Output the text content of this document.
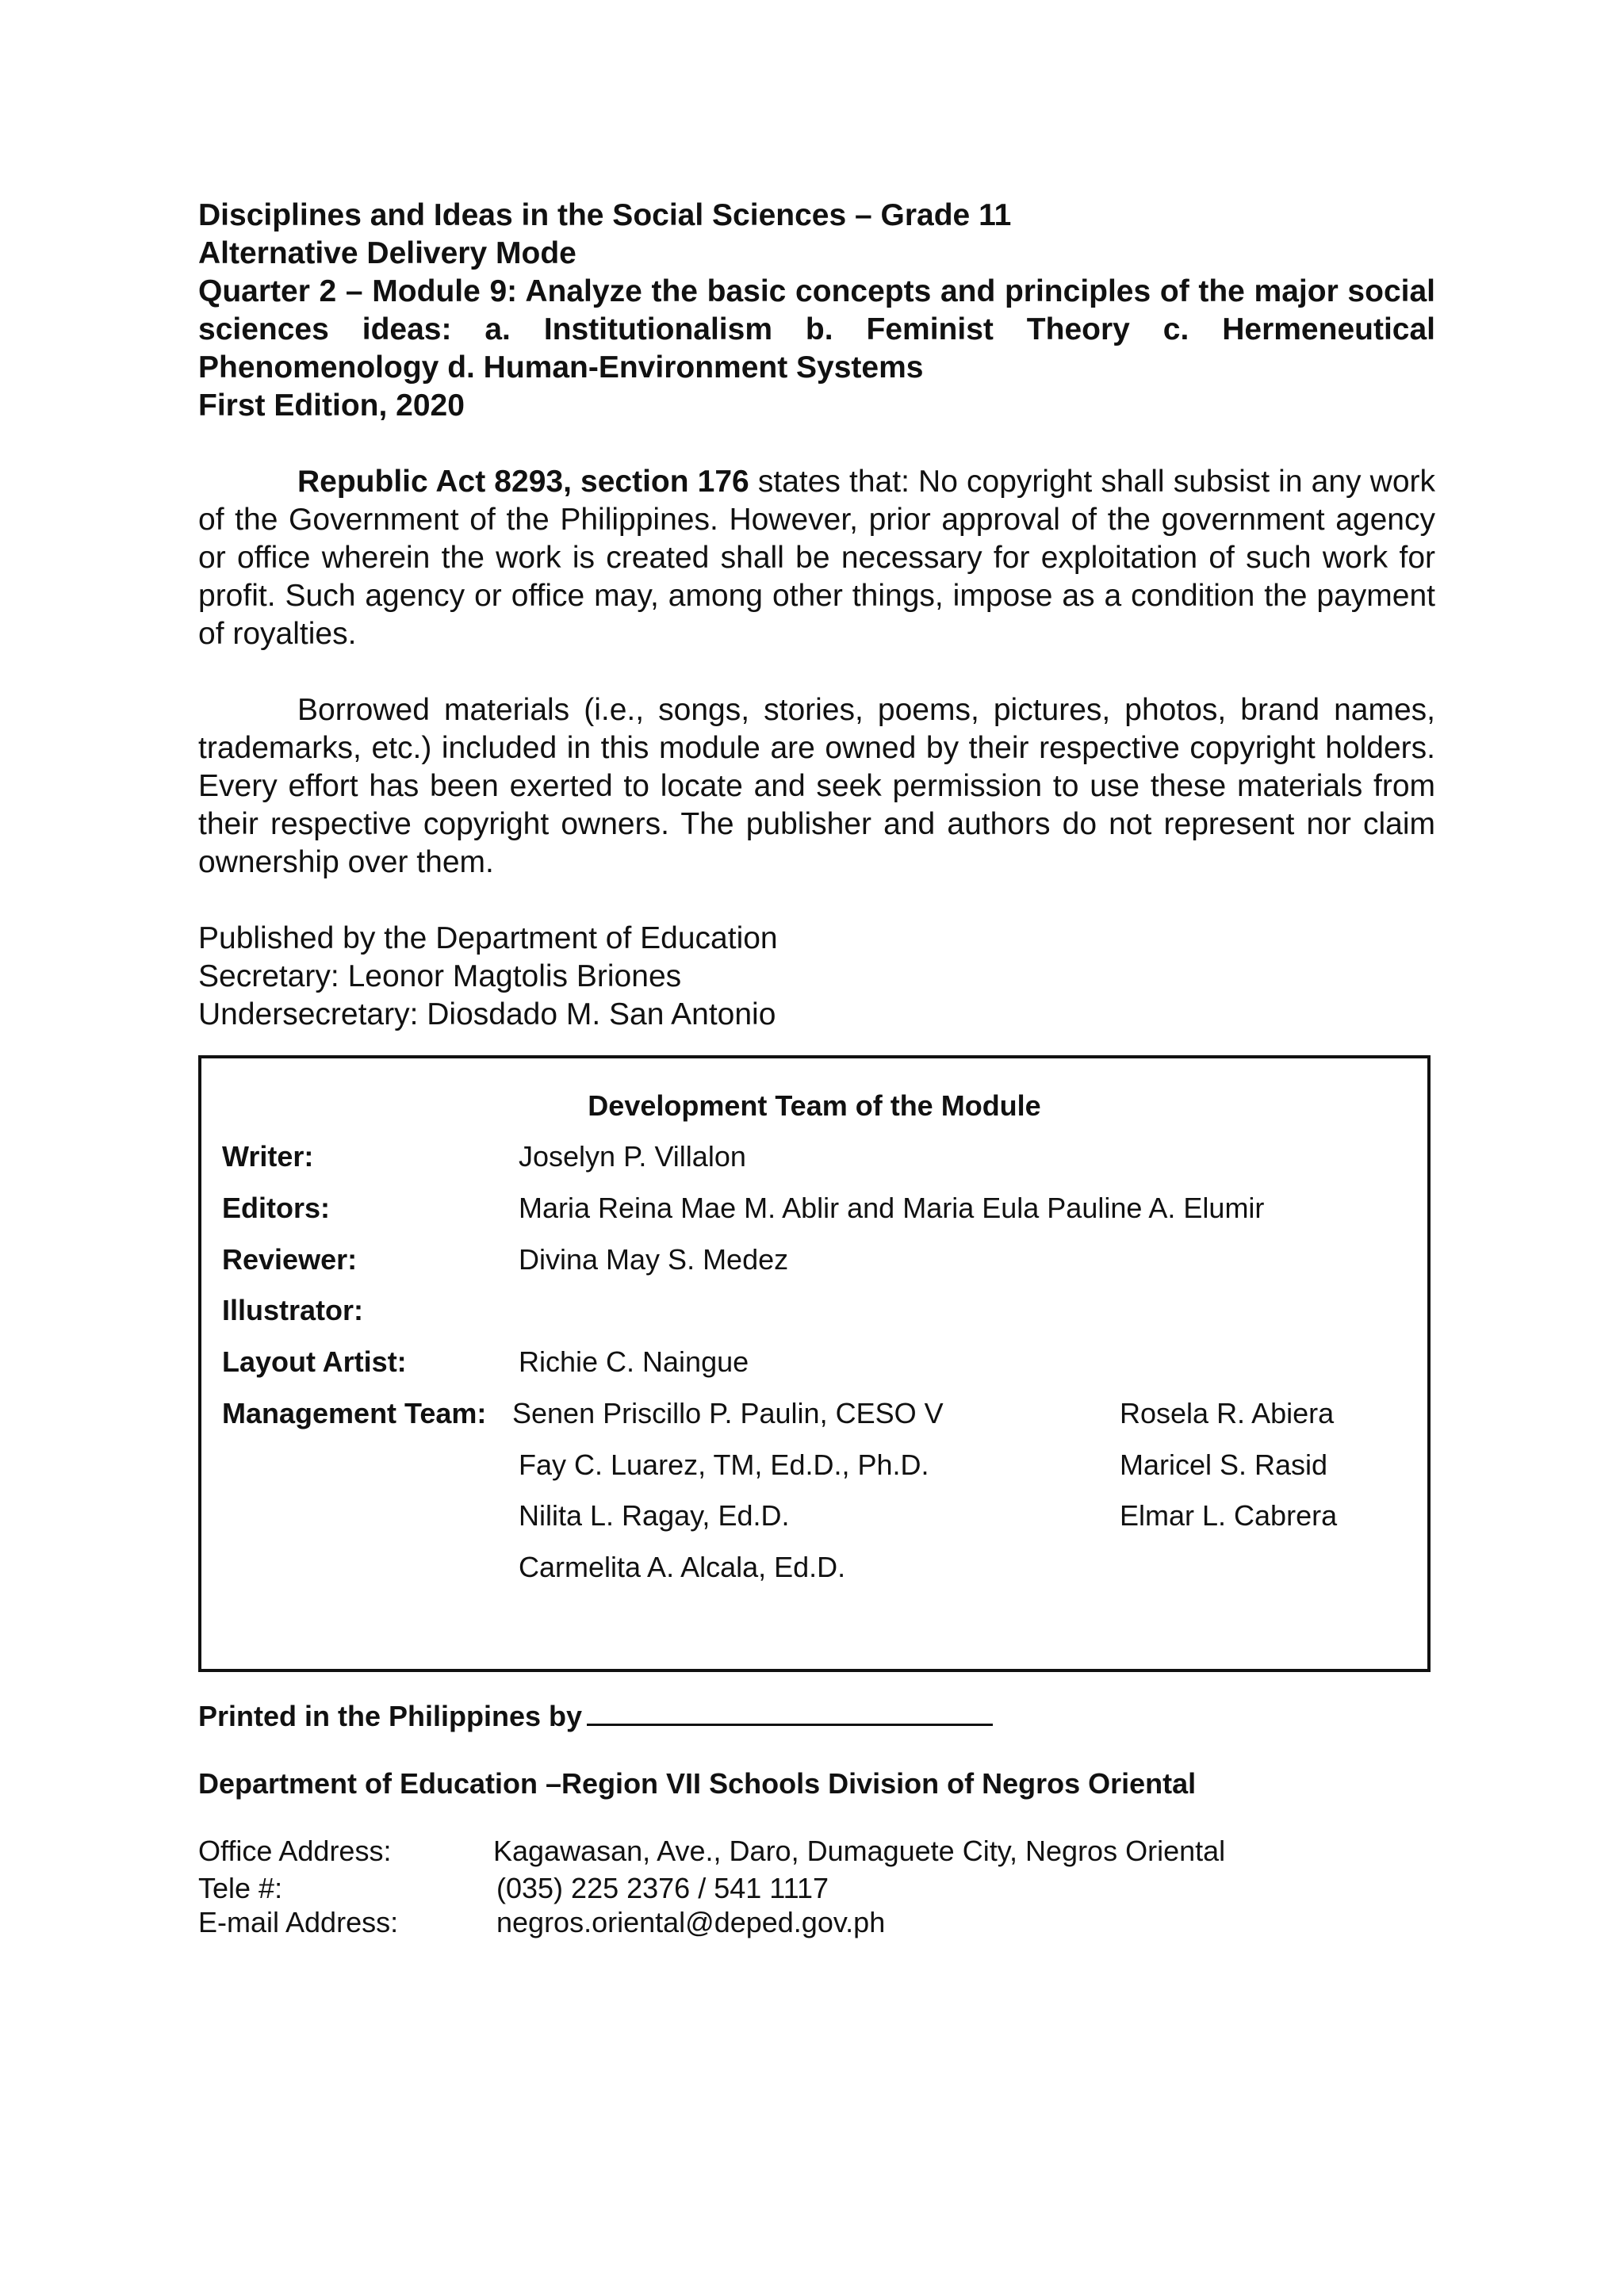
Disciplines and Ideas in the Social Sciences – Grade 11
Alternative Delivery Mode
Quarter 2 – Module 9: Analyze the basic concepts and principles of the major social sciences ideas: a. Institutionalism b. Feminist Theory c. Hermeneutical Phenomenology d. Human-Environment Systems
First Edition, 2020

Republic Act 8293, section 176 states that: No copyright shall subsist in any work of the Government of the Philippines. However, prior approval of the government agency or office wherein the work is created shall be necessary for exploitation of such work for profit. Such agency or office may, among other things, impose as a condition the payment of royalties.

Borrowed materials (i.e., songs, stories, poems, pictures, photos, brand names, trademarks, etc.) included in this module are owned by their respective copyright holders. Every effort has been exerted to locate and seek permission to use these materials from their respective copyright owners. The publisher and authors do not represent nor claim ownership over them.

Published by the Department of Education
Secretary: Leonor Magtolis Briones
Undersecretary: Diosdado M. San Antonio
Development Team of the Module
Writer:	Joselyn P. Villalon
Editors:	Maria Reina Mae M. Ablir and Maria Eula Pauline A. Elumir
Reviewer:	Divina May S. Medez
Illustrator:
Layout Artist:	Richie C. Naingue
Management Team: Senen Priscillo P. Paulin, CESO V	Rosela R. Abiera
Fay C. Luarez, TM, Ed.D., Ph.D.	Maricel S. Rasid
Nilita L. Ragay, Ed.D.	Elmar L. Cabrera
Carmelita A. Alcala, Ed.D.
Printed in the Philippines by
Department of Education –Region VII Schools Division of Negros Oriental
Office Address:	Kagawasan, Ave., Daro, Dumaguete City, Negros Oriental
Tele #:	(035) 225 2376 / 541 1117
E-mail Address:	negros.oriental@deped.gov.ph
